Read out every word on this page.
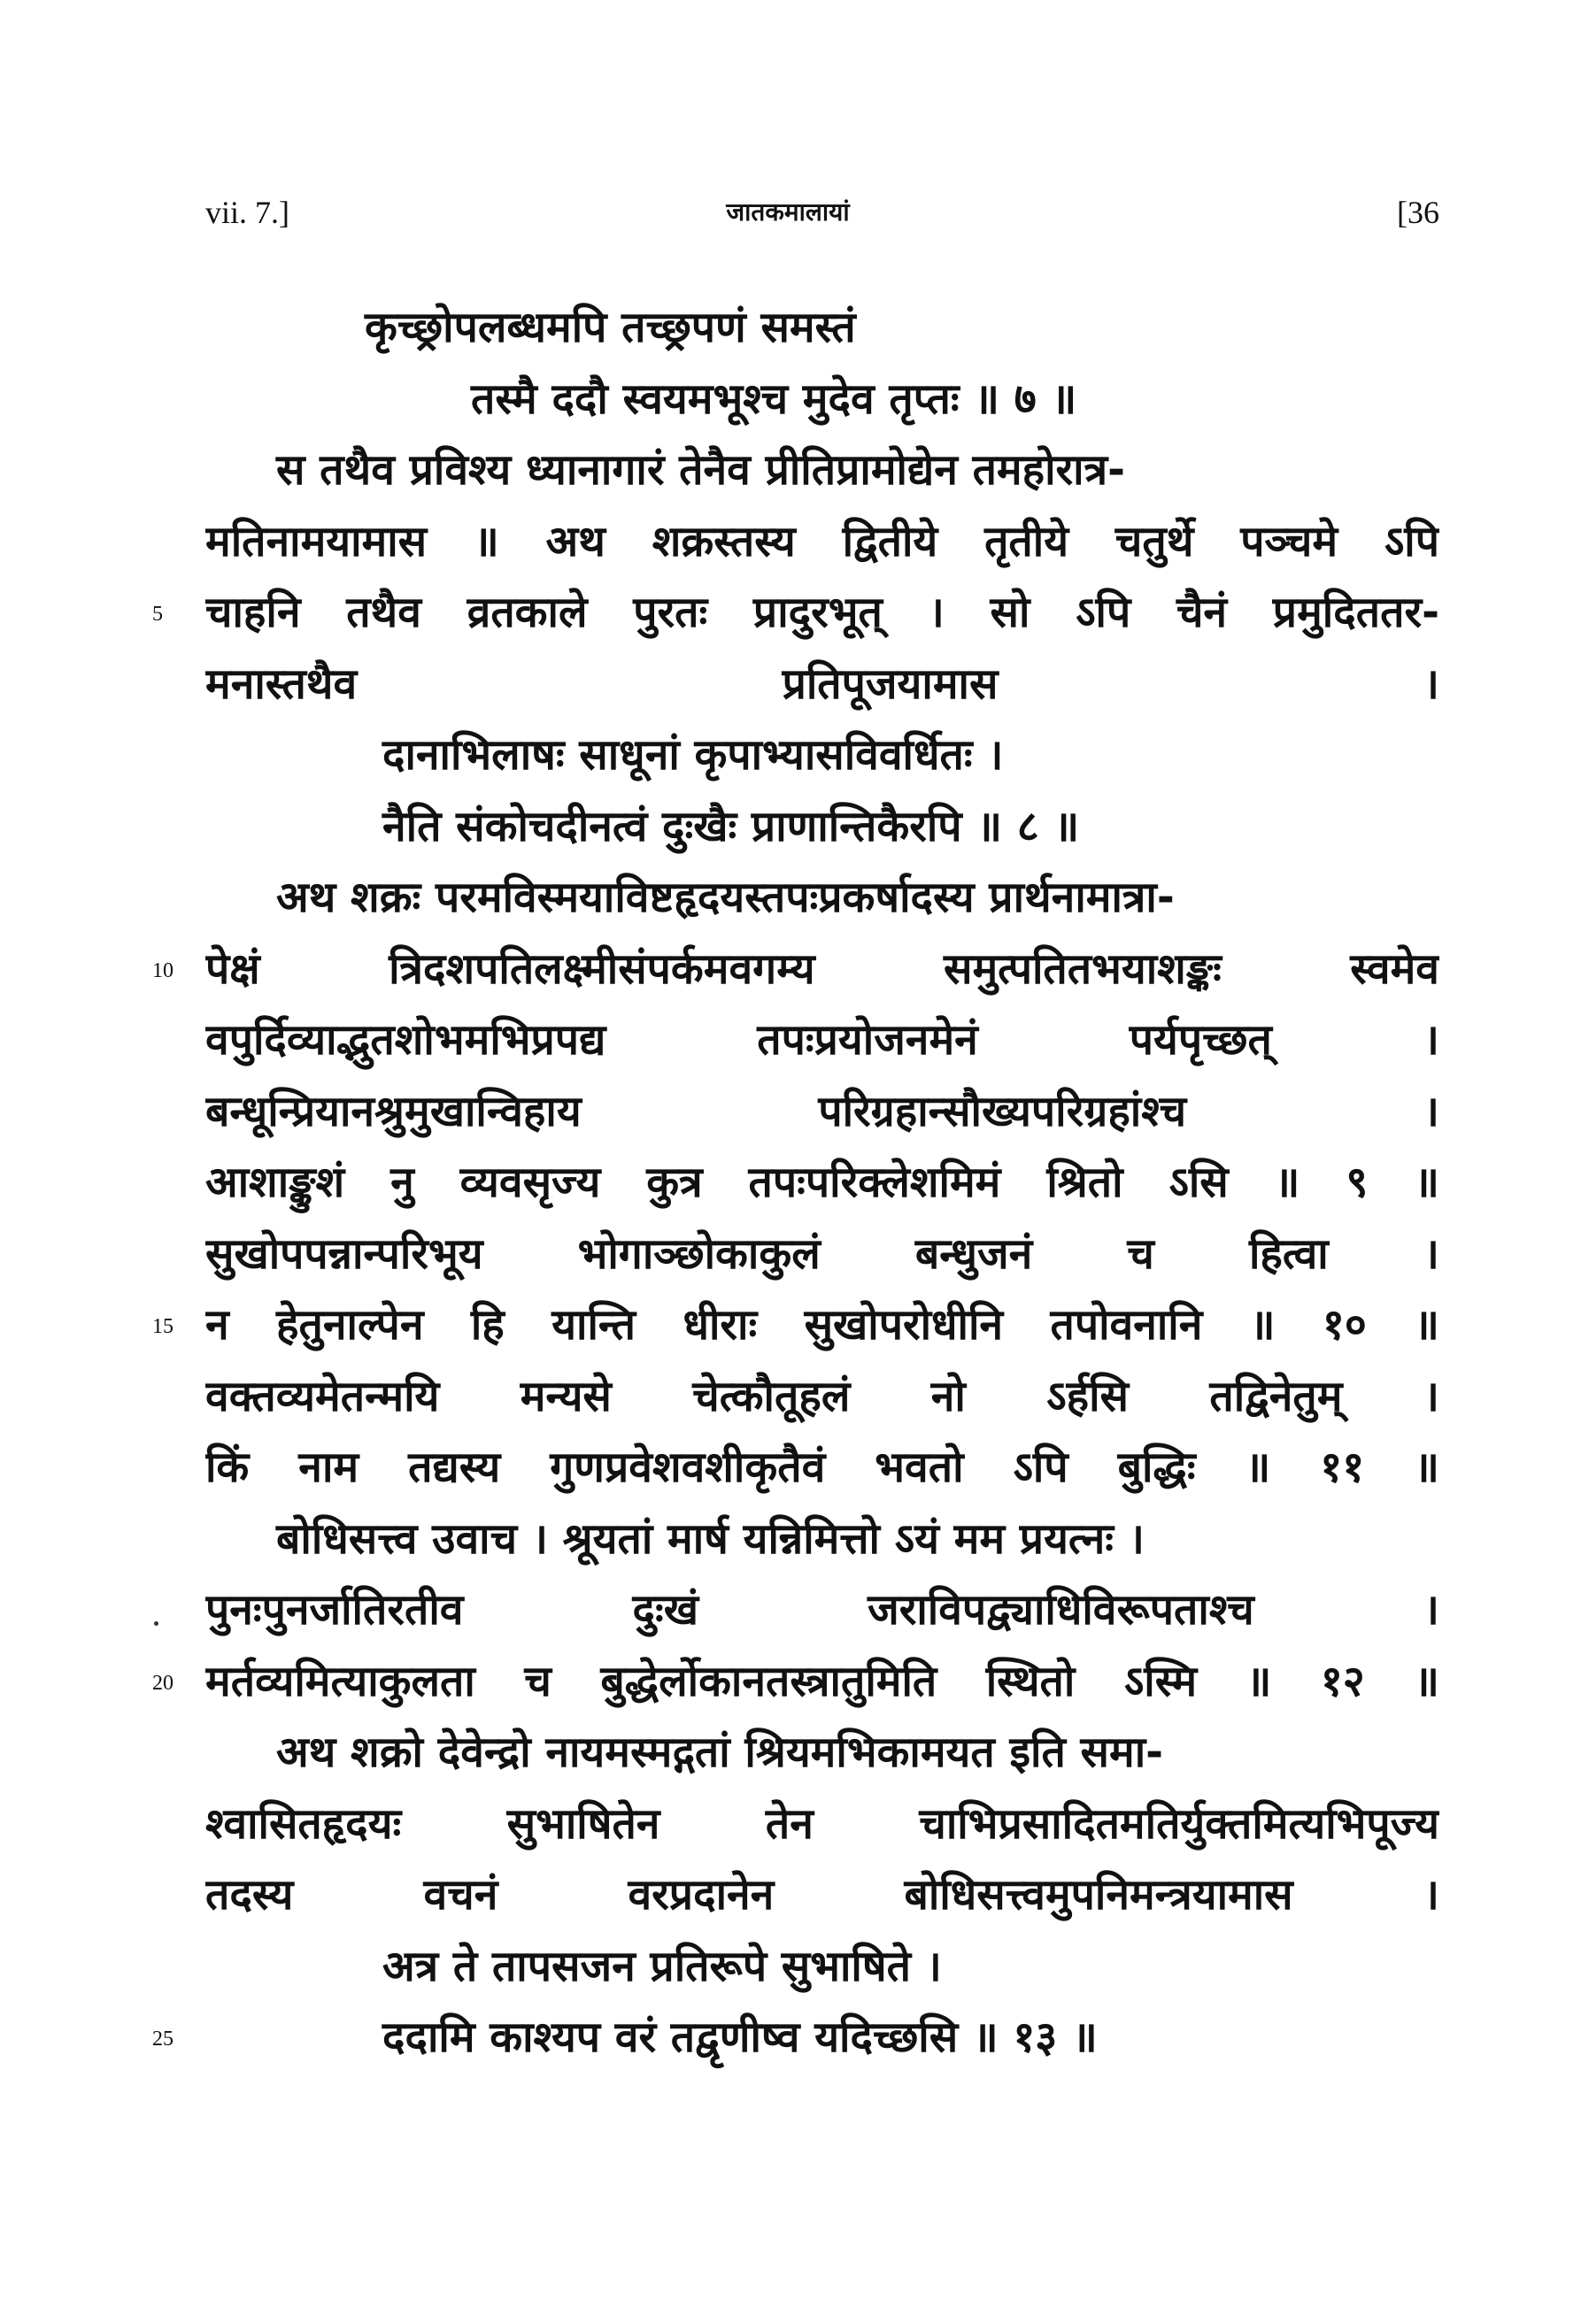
vii. 7.]	जातकमालायां	[36
कृच्छ्रोपलब्धमपि तच्छ्रपणं समस्तं
तस्मै ददौ स्वयमभूश्च मुदेव तृप्तः ॥ ७ ॥
स तथैव प्रविश्य ध्यानागारं तेनैव प्रीतिप्रामोद्येन तमहोरात्र-
मतिनामयामास ॥ अथ शक्रस्तस्य द्वितीये तृतीये चतुर्थे पञ्चमे ऽपि
चाहनि तथैव व्रतकाले पुरतः प्रादुरभूत् । सो ऽपि चैनं प्रमुदिततर-
5
मनास्तथैव प्रतिपूजयामास ।
दानाभिलाषः साधूनां कृपाभ्यासविवर्धितः ।
नैति संकोचदीनत्वं दुःखैः प्राणान्तिकैरपि ॥ ८ ॥
अथ शक्रः परमविस्मयाविष्टहृदयस्तपःप्रकर्षादस्य प्रार्थनामात्रा-
पेक्षं त्रिदशपतिलक्ष्मीसंपर्कमवगम्य समुत्पतितभयाशङ्कः स्वमेव
10
वपुर्दिव्याद्भुतशोभमभिप्रपद्य तपःप्रयोजनमेनं पर्यपृच्छत् ।
बन्धून्प्रियानश्रुमुखान्विहाय परिग्रहान्सौख्यपरिग्रहांश्च ।
आशाङ्कुशं नु व्यवसृज्य कुत्र तपःपरिक्लेशमिमं श्रितो ऽसि ॥ ९ ॥
सुखोपपन्नान्परिभूय भोगाञ्छोकाकुलं बन्धुजनं च हित्वा ।
न हेतुनाल्पेन हि यान्ति धीराः सुखोपरोधीनि तपोवनानि ॥ १० ॥
15
वक्तव्यमेतन्मयि मन्यसे चेत्कौतूहलं नो ऽर्हसि तद्विनेतुम् ।
किं नाम तद्यस्य गुणप्रवेशवशीकृतैवं भवतो ऽपि बुद्धिः ॥ ११ ॥
बोधिसत्त्व उवाच । श्रूयतां मार्ष यन्निमित्तो ऽयं मम प्रयत्नः ।
पुनःपुनर्जातिरतीव दुःखं जराविपद्व्याधिविरूपताश्च ।
मर्तव्यमित्याकुलता च बुद्धेर्लोकानतस्त्रातुमिति स्थितो ऽस्मि ॥ १२ ॥
20
अथ शक्रो देवेन्द्रो नायमस्मद्गतां श्रियमभिकामयत इति समा-
श्वासितहृदयः सुभाषितेन तेन चाभिप्रसादितमतिर्युक्तमित्यभिपूज्य
तदस्य वचनं वरप्रदानेन बोधिसत्त्वमुपनिमन्त्रयामास ।
अत्र ते तापसजन प्रतिरूपे सुभाषिते ।
ददामि काश्यप वरं तद्वृणीष्व यदिच्छसि ॥ १३ ॥
25
